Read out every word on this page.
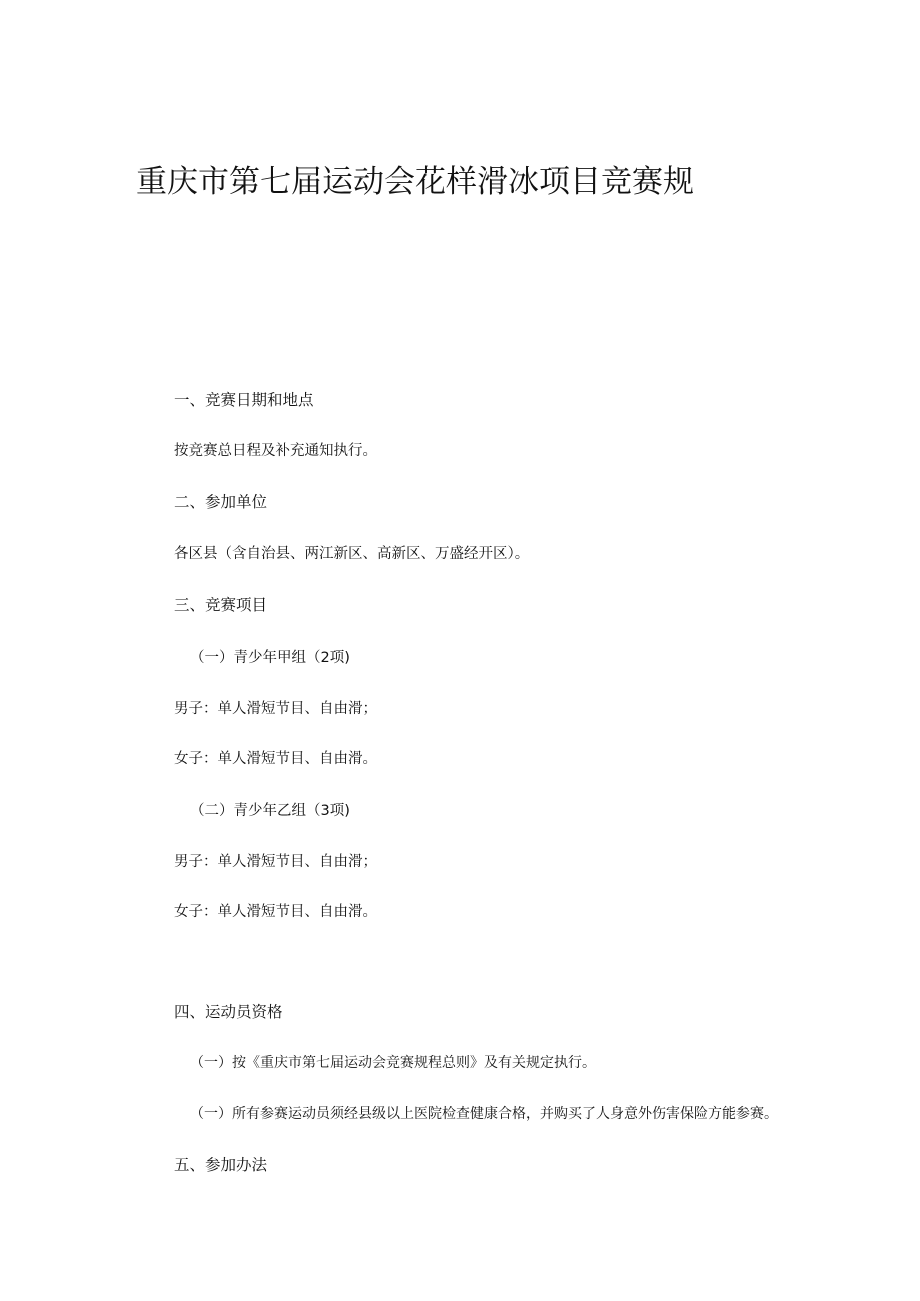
重庆市第七届运动会花样滑冰项目竞赛规

一、竞赛日期和地点

按竞赛总日程及补充通知执行。

二、参加单位

各区县（含自治县、两江新区、高新区、万盛经开区）。

三、竞赛项目

（一）青少年甲组（2项)

男子：单人滑短节目、自由滑；

女子：单人滑短节目、自由滑。

（二）青少年乙组（3项)

男子：单人滑短节目、自由滑；

女子：单人滑短节目、自由滑。

四、运动员资格

（一）按《重庆市第七届运动会竞赛规程总则》及有关规定执行。

（一）所有参赛运动员须经县级以上医院检查健康合格，并购买了人身意外伤害保险方能参赛。

五、参加办法
